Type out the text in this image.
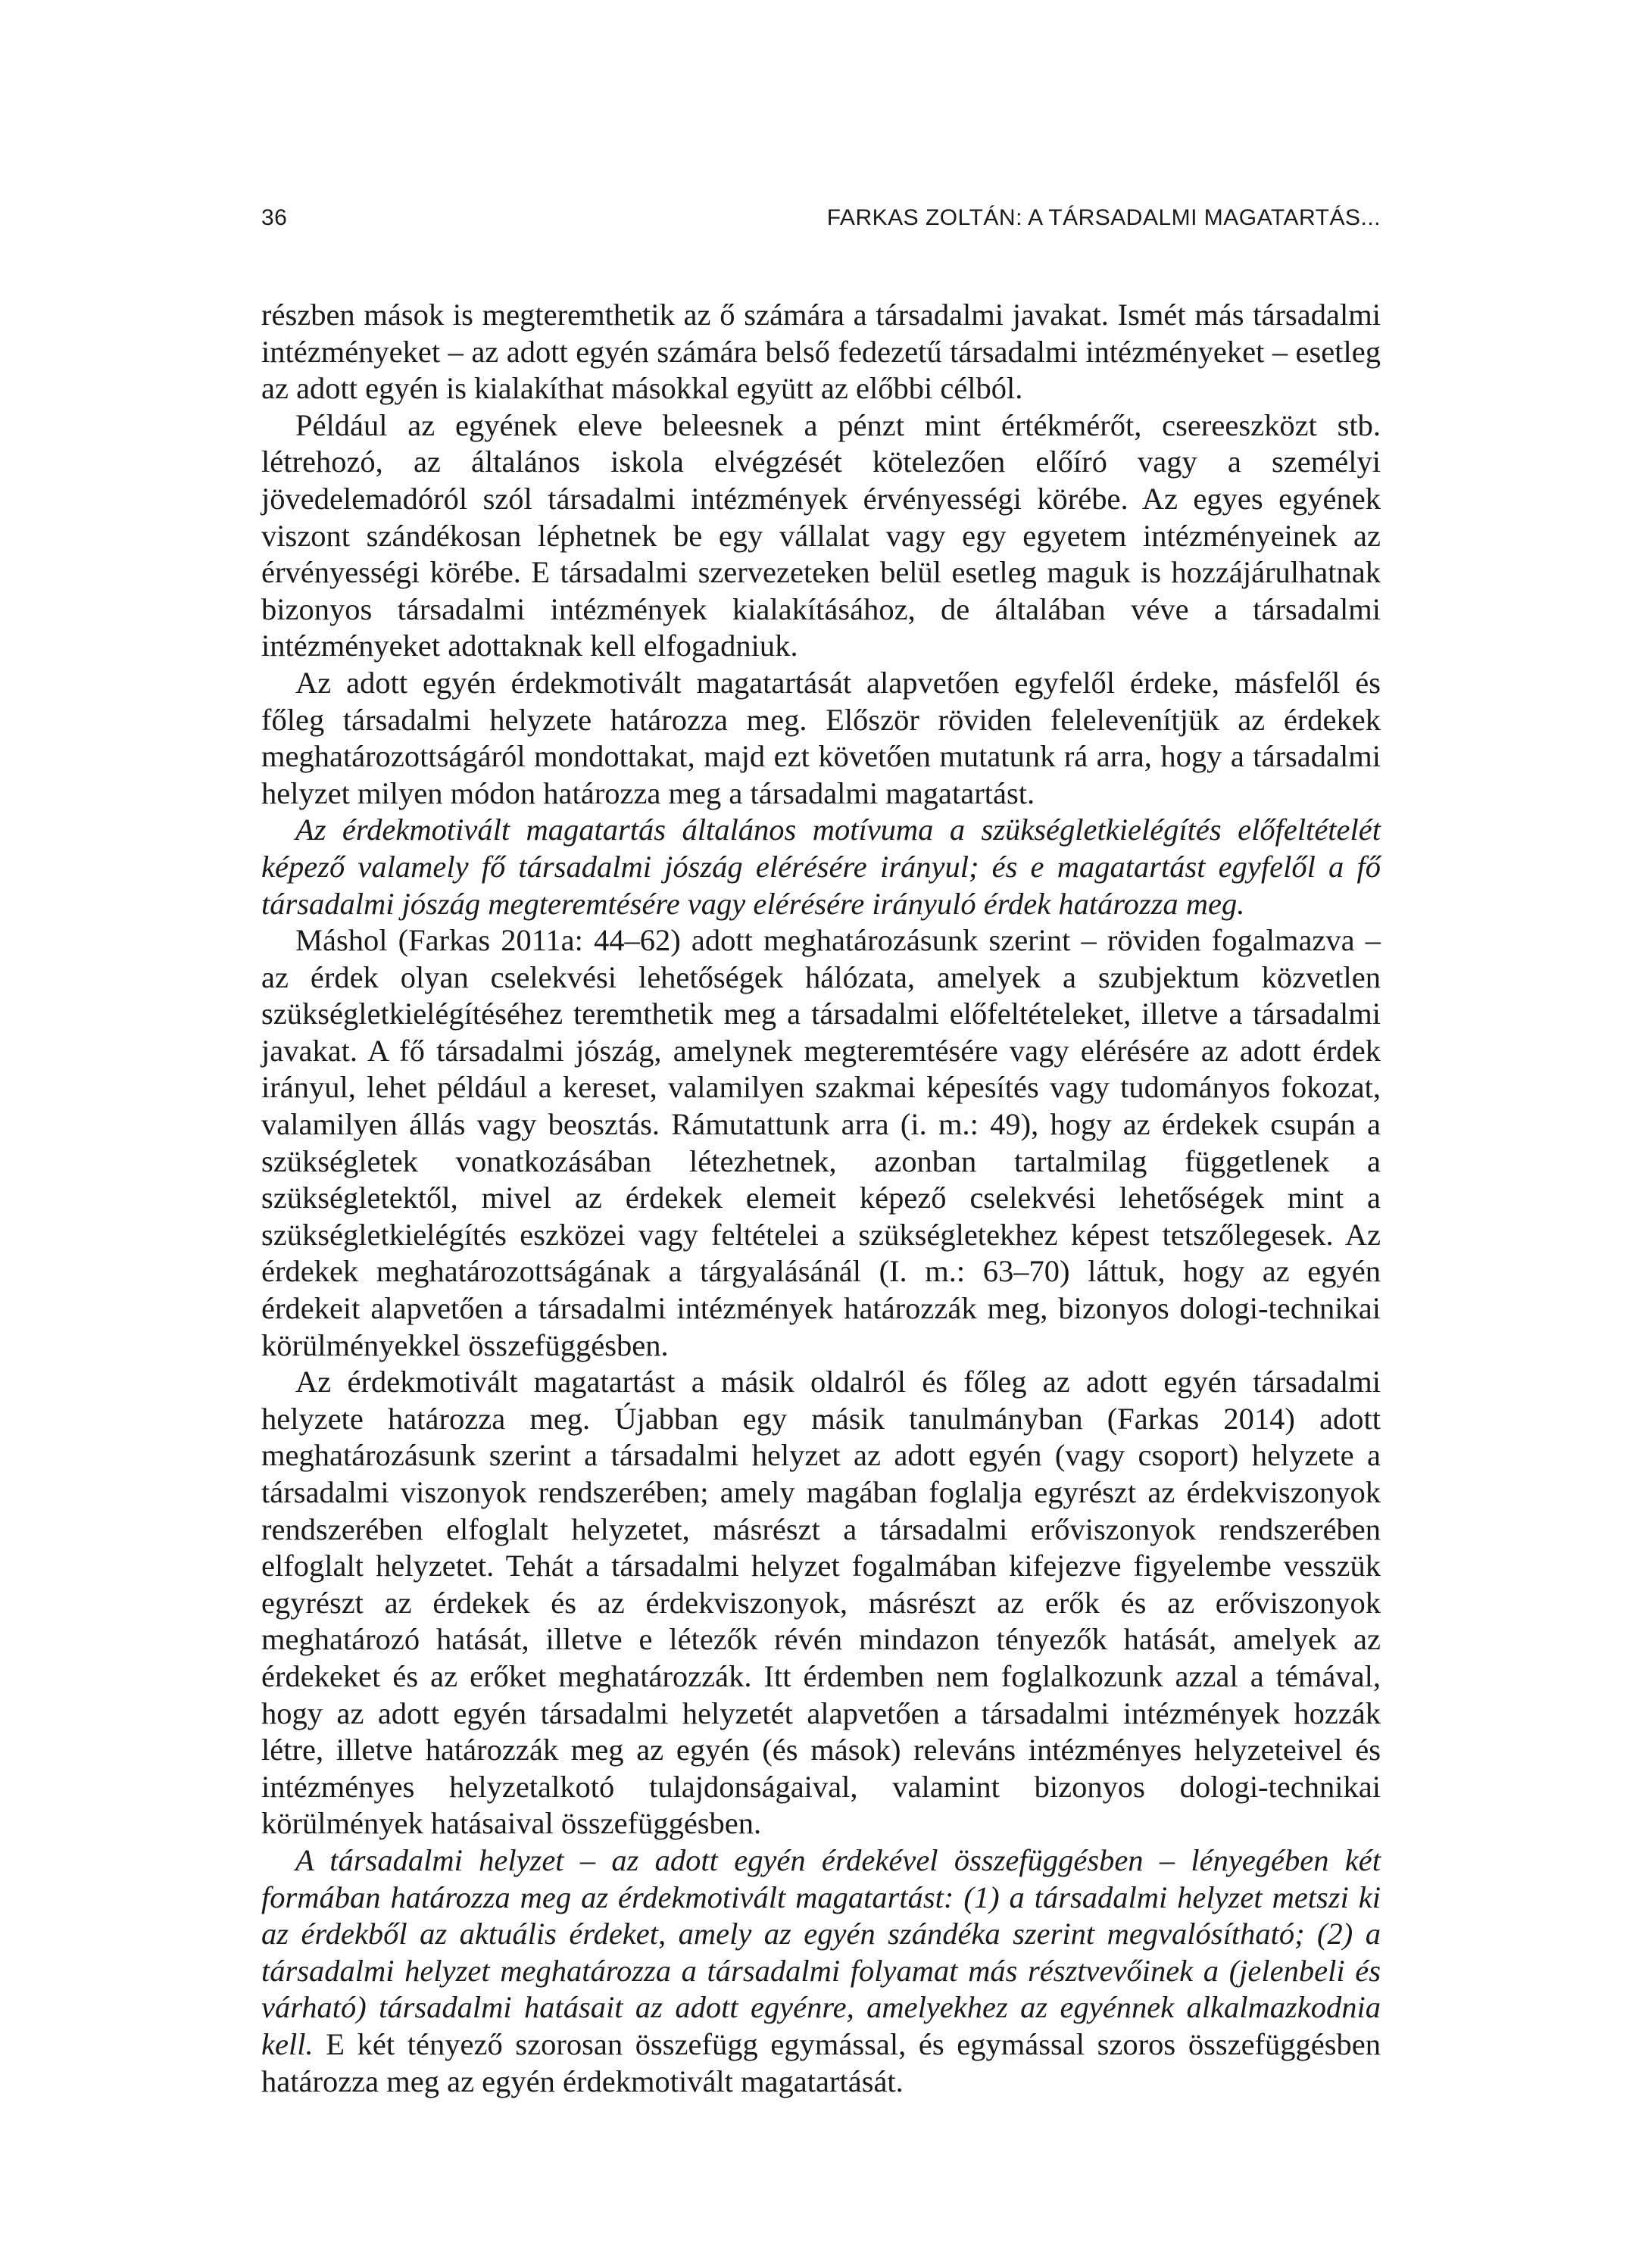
36	FARKAS ZOLTÁN: A TÁRSADALMI MAGATARTÁS...

részben mások is megteremthetik az ő számára a társadalmi javakat. Ismét más társadalmi intézményeket – az adott egyén számára belső fedezetű társadalmi intézményeket – esetleg az adott egyén is kialakíthat másokkal együtt az előbbi célból.

Például az egyének eleve beleesnek a pénzt mint értékmérőt, csereeszközt stb. létrehozó, az általános iskola elvégzését kötelezően előíró vagy a személyi jövedelemadóról szól társadalmi intézmények érvényességi körébe. Az egyes egyének viszont szándékosan léphetnek be egy vállalat vagy egy egyetem intézményeinek az érvényességi körébe. E társadalmi szervezeteken belül esetleg maguk is hozzájárulhatnak bizonyos társadalmi intézmények kialakításához, de általában véve a társadalmi intézményeket adottaknak kell elfogadniuk.

Az adott egyén érdekmotivált magatartását alapvetően egyfelől érdeke, másfelől és főleg társadalmi helyzete határozza meg. Először röviden felelevenítjük az érdekek meghatározottságáról mondottakat, majd ezt követően mutatunk rá arra, hogy a társadalmi helyzet milyen módon határozza meg a társadalmi magatartást.

Az érdekmotivált magatartás általános motívuma a szükségletkielégítés előfeltételét képező valamely fő társadalmi jószág elérésére irányul; és e magatartást egyfelől a fő társadalmi jószág megteremtésére vagy elérésére irányuló érdek határozza meg.

Máshol (Farkas 2011a: 44–62) adott meghatározásunk szerint – röviden fogalmazva – az érdek olyan cselekvési lehetőségek hálózata, amelyek a szubjektum közvetlen szükségletkielégítéséhez teremthetik meg a társadalmi előfeltételeket, illetve a társadalmi javakat. A fő társadalmi jószág, amelynek megteremtésére vagy elérésére az adott érdek irányul, lehet például a kereset, valamilyen szakmai képesítés vagy tudományos fokozat, valamilyen állás vagy beosztás. Rámutattunk arra (i. m.: 49), hogy az érdekek csupán a szükségletek vonatkozásában létezhetnek, azonban tartalmilag függetlenek a szükségletektől, mivel az érdekek elemeit képező cselekvési lehetőségek mint a szükségletkielégítés eszközei vagy feltételei a szükségletekhez képest tetszőlegesek. Az érdekek meghatározottságának a tárgyalásánál (I. m.: 63–70) láttuk, hogy az egyén érdekeit alapvetően a társadalmi intézmények határozzák meg, bizonyos dologi-technikai körülményekkel összefüggésben.

Az érdekmotivált magatartást a másik oldalról és főleg az adott egyén társadalmi helyzete határozza meg. Újabban egy másik tanulmányban (Farkas 2014) adott meghatározásunk szerint a társadalmi helyzet az adott egyén (vagy csoport) helyzete a társadalmi viszonyok rendszerében; amely magában foglalja egyrészt az érdekviszonyok rendszerében elfoglalt helyzetet, másrészt a társadalmi erőviszonyok rendszerében elfoglalt helyzetet. Tehát a társadalmi helyzet fogalmában kifejezve figyelembe vesszük egyrészt az érdekek és az érdekviszonyok, másrészt az erők és az erőviszonyok meghatározó hatását, illetve e létezők révén mindazon tényezők hatását, amelyek az érdekeket és az erőket meghatározzák. Itt érdemben nem foglalkozunk azzal a témával, hogy az adott egyén társadalmi helyzetét alapvetően a társadalmi intézmények hozzák létre, illetve határozzák meg az egyén (és mások) releváns intézményes helyzeteivel és intézményes helyzetalkotó tulajdonságaival, valamint bizonyos dologi-technikai körülmények hatásaival összefüggésben.

A társadalmi helyzet – az adott egyén érdekével összefüggésben – lényegében két formában határozza meg az érdekmotivált magatartást: (1) a társadalmi helyzet metszi ki az érdekből az aktuális érdeket, amely az egyén szándéka szerint megvalósítható; (2) a társadalmi helyzet meghatározza a társadalmi folyamat más résztvevőinek a (jelenbeli és várható) társadalmi hatásait az adott egyénre, amelyekhez az egyénnek alkalmazkodnia kell. E két tényező szorosan összefügg egymással, és egymással szoros összefüggésben határozza meg az egyén érdekmotivált magatartását.
